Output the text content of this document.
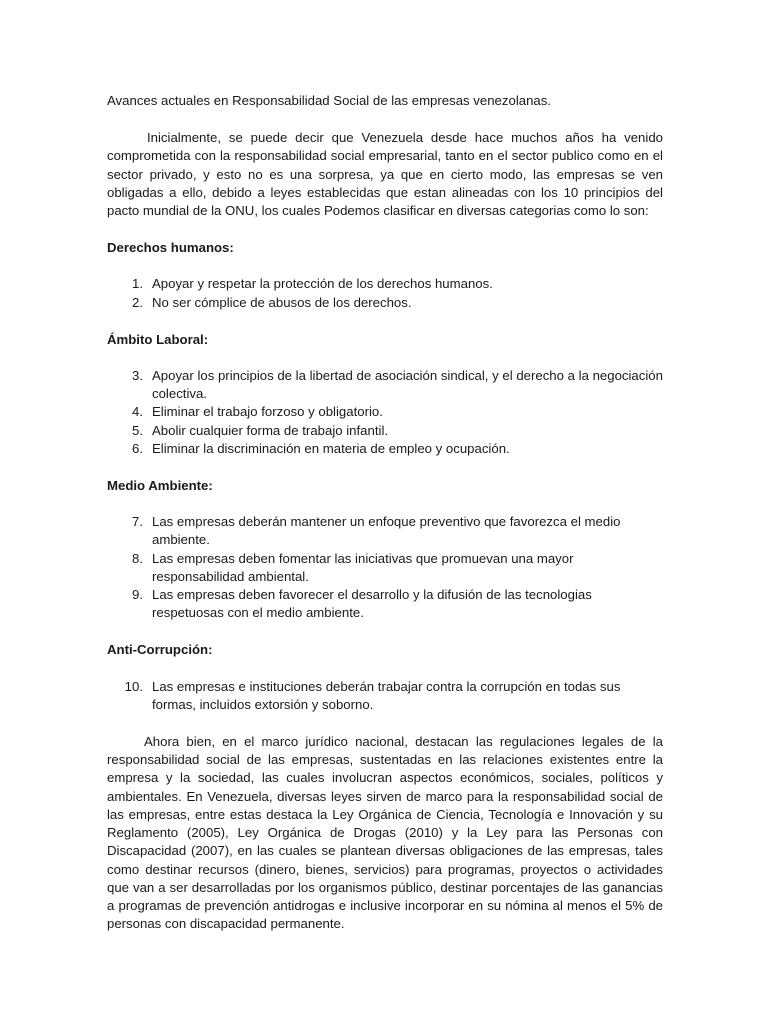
Avances actuales en Responsabilidad Social de las empresas venezolanas.

Inicialmente, se puede decir que Venezuela desde hace muchos años ha venido comprometida con la responsabilidad social empresarial, tanto en el sector publico como en el sector privado, y esto no es una sorpresa, ya que en cierto modo, las empresas se ven obligadas a ello, debido a leyes establecidas que estan alineadas con los 10 principios del pacto mundial de la ONU, los cuales Podemos clasificar en diversas categorias como lo son:

Derechos humanos:

1. Apoyar y respetar la protección de los derechos humanos.
2. No ser cómplice de abusos de los derechos.

Ámbito Laboral:

3. Apoyar los principios de la libertad de asociación sindical, y el derecho a la negociación colectiva.
4. Eliminar el trabajo forzoso y obligatorio.
5. Abolir cualquier forma de trabajo infantil.
6. Eliminar la discriminación en materia de empleo y ocupación.

Medio Ambiente:

7. Las empresas deberán mantener un enfoque preventivo que favorezca el medio ambiente.
8. Las empresas deben fomentar las iniciativas que promuevan una mayor responsabilidad ambiental.
9. Las empresas deben favorecer el desarrollo y la difusión de las tecnologias respetuosas con el medio ambiente.

Anti-Corrupción:

10. Las empresas e instituciones deberán trabajar contra la corrupción en todas sus formas, incluidos extorsión y soborno.

Ahora bien, en el marco jurídico nacional, destacan las regulaciones legales de la responsabilidad social de las empresas, sustentadas en las relaciones existentes entre la empresa y la sociedad, las cuales involucran aspectos económicos, sociales, políticos y ambientales. En Venezuela, diversas leyes sirven de marco para la responsabilidad social de las empresas, entre estas destaca la Ley Orgánica de Ciencia, Tecnología e Innovación y su Reglamento (2005), Ley Orgánica de Drogas (2010) y la Ley para las Personas con Discapacidad (2007), en las cuales se plantean diversas obligaciones de las empresas, tales como destinar recursos (dinero, bienes, servicios) para programas, proyectos o actividades que van a ser desarrolladas por los organismos público, destinar porcentajes de las ganancias a programas de prevención antidrogas e inclusive incorporar en su nómina al menos el 5% de personas con discapacidad permanente.
